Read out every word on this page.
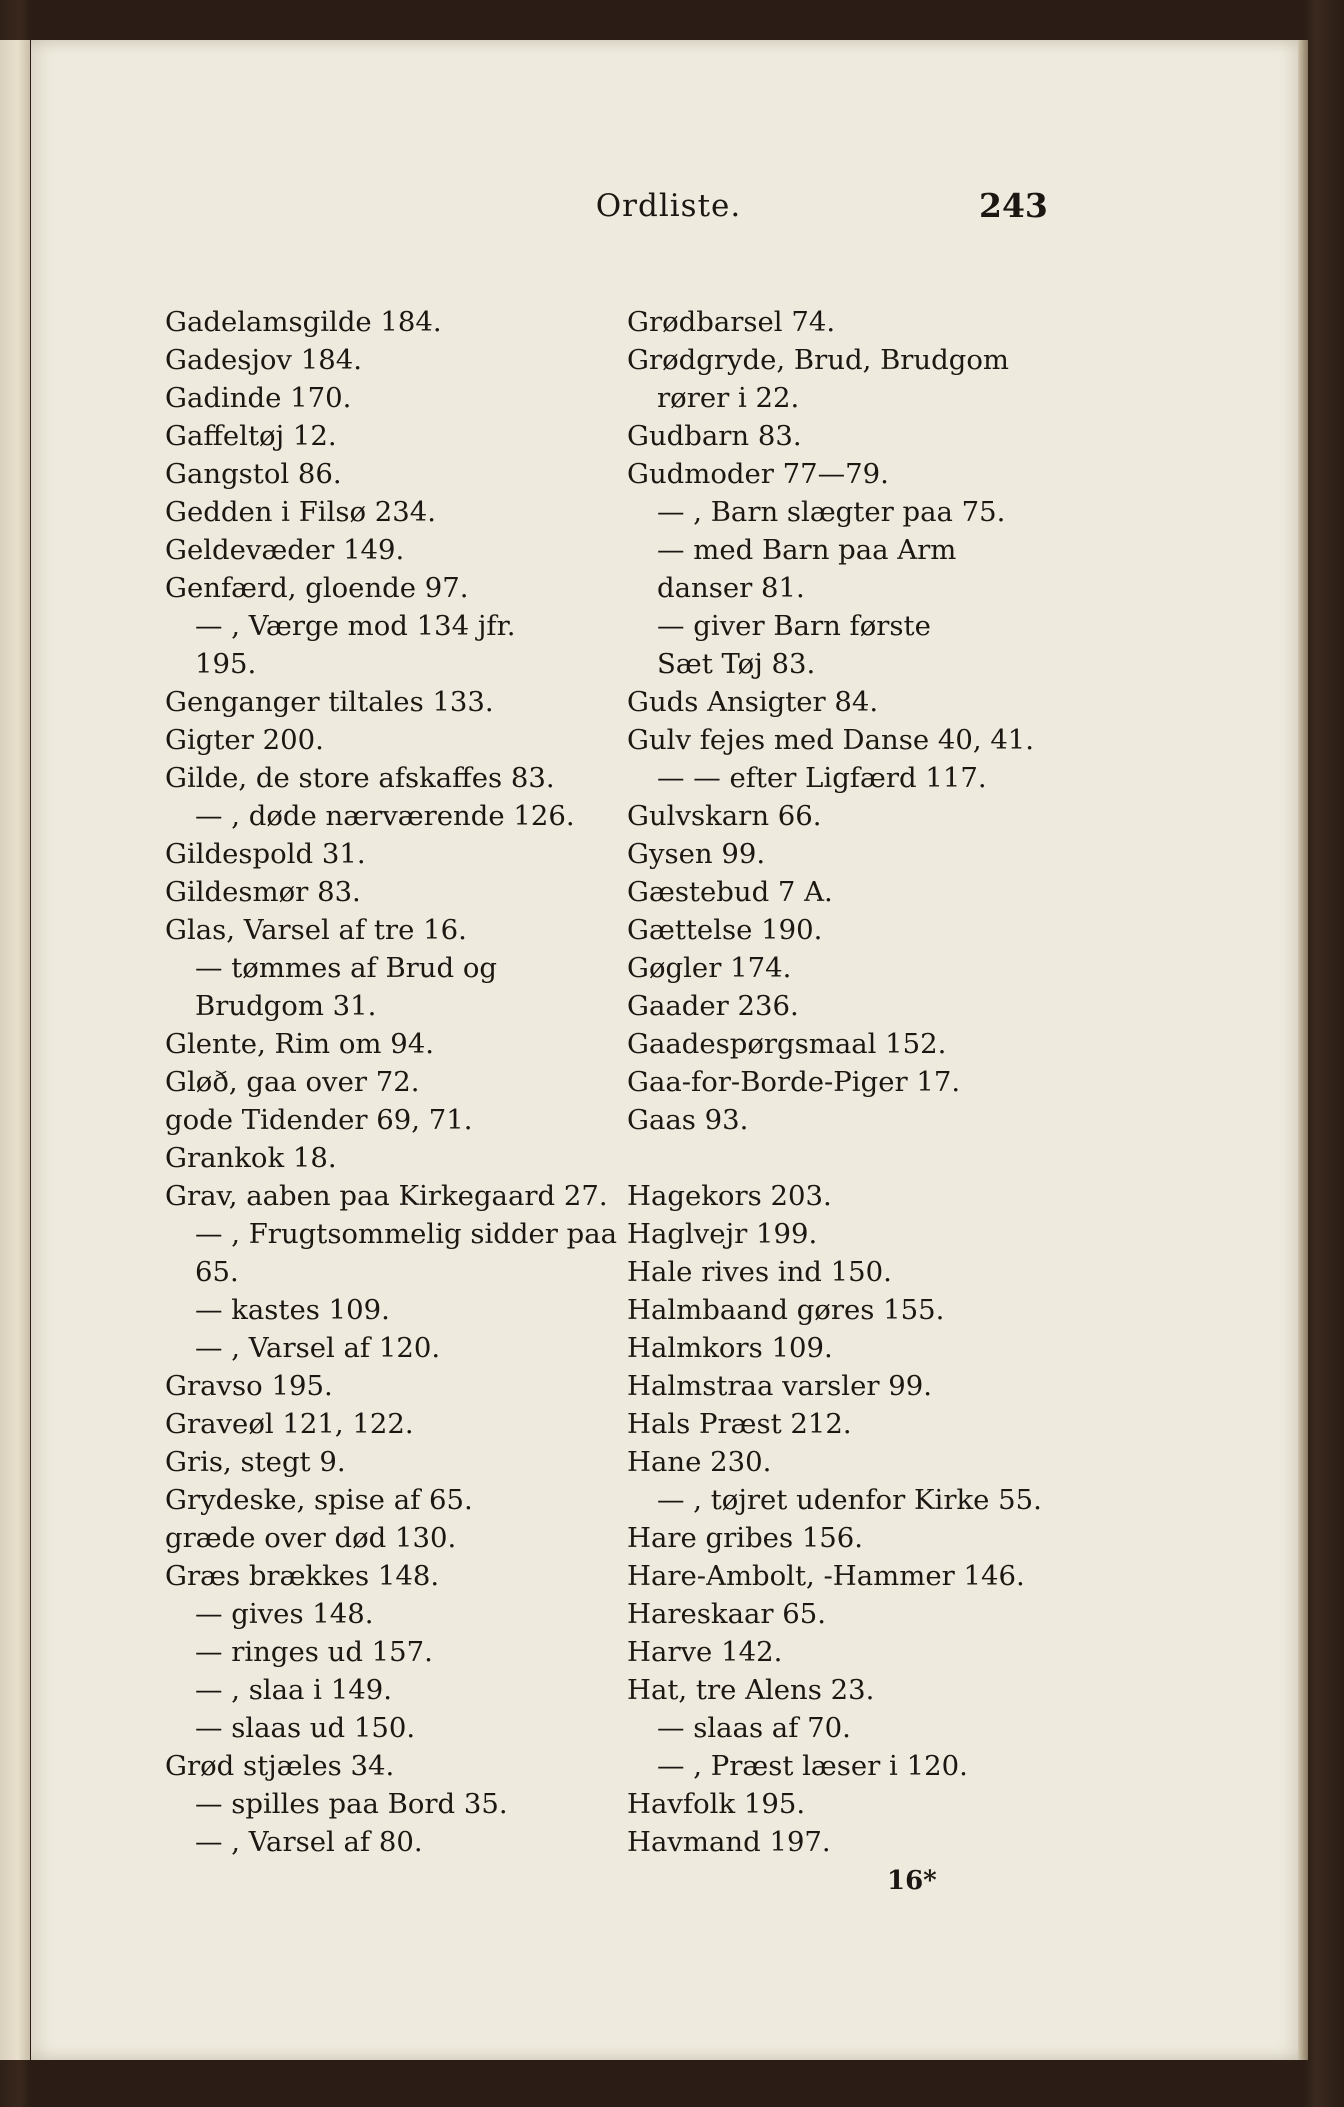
Ordliste.	243
Gadelamsgilde 184.
Gadesjov 184.
Gadinde 170.
Gaffeltøj 12.
Gangstol 86.
Gedden i Filsø 234.
Geldevæder 149.
Genfærd, gloende 97.
— , Værge mod 134 jfr.
195.
Genganger tiltales 133.
Gigter 200.
Gilde, de store afskaffes 83.
— , døde nærværende 126.
Gildespold 31.
Gildesmør 83.
Glas, Varsel af tre 16.
— tømmes af Brud og
Brudgom 31.
Glente, Rim om 94.
Gløð, gaa over 72.
gode Tidender 69, 71.
Grankok 18.
Grav, aaben paa Kirkegaard 27.
— , Frugtsommelig sidder paa
65.
— kastes 109.
— , Varsel af 120.
Gravso 195.
Graveøl 121, 122.
Gris, stegt 9.
Grydeske, spise af 65.
græde over død 130.
Græs brækkes 148.
— gives 148.
— ringes ud 157.
— , slaa i 149.
— slaas ud 150.
Grød stjæles 34.
— spilles paa Bord 35.
— , Varsel af 80.
Grødbarsel 74.
Grødgryde, Brud, Brudgom
rører i 22.
Gudbarn 83.
Gudmoder 77—79.
— , Barn slægter paa 75.
— med Barn paa Arm
danser 81.
— giver Barn første
Sæt Tøj 83.
Guds Ansigter 84.
Gulv fejes med Danse 40, 41.
— — efter Ligfærd 117.
Gulvskarn 66.
Gysen 99.
Gæstebud 7 A.
Gættelse 190.
Gøgler 174.
Gaader 236.
Gaadespørgsmaal 152.
Gaa-for-Borde-Piger 17.
Gaas 93.
Hagekors 203.
Haglvejr 199.
Hale rives ind 150.
Halmbaand gøres 155.
Halmkors 109.
Halmstraa varsler 99.
Hals Præst 212.
Hane 230.
— , tøjret udenfor Kirke 55.
Hare gribes 156.
Hare-Ambolt, -Hammer 146.
Hareskaar 65.
Harve 142.
Hat, tre Alens 23.
— slaas af 70.
— , Præst læser i 120.
Havfolk 195.
Havmand 197.
16*
